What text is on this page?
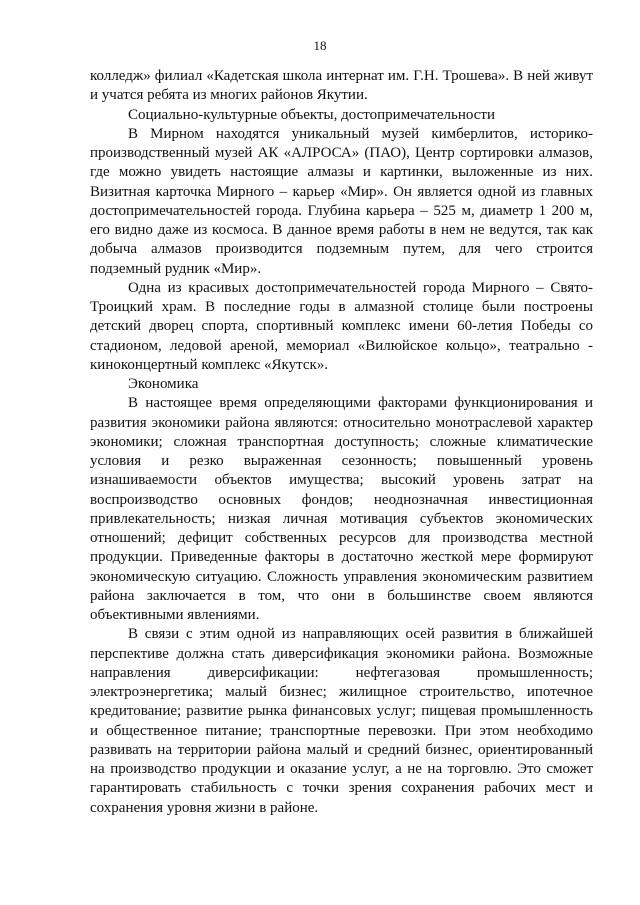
18

колледж» филиал «Кадетская школа интернат им. Г.Н. Трошева». В ней живут и учатся ребята из многих районов Якутии.

Социально-культурные объекты, достопримечательности

В Мирном находятся уникальный музей кимберлитов, историко-производственный музей АК «АЛРОСА» (ПАО), Центр сортировки алмазов, где можно увидеть настоящие алмазы и картинки, выложенные из них. Визитная карточка Мирного – карьер «Мир». Он является одной из главных достопримечательностей города. Глубина карьера – 525 м, диаметр 1 200 м, его видно даже из космоса. В данное время работы в нем не ведутся, так как добыча алмазов производится подземным путем, для чего строится подземный рудник «Мир».

Одна из красивых достопримечательностей города Мирного – Свято-Троицкий храм. В последние годы в алмазной столице были построены детский дворец спорта, спортивный комплекс имени 60-летия Победы со стадионом, ледовой ареной, мемориал «Вилюйское кольцо», театрально - киноконцертный комплекс «Якутск».

Экономика

В настоящее время определяющими факторами функционирования и развития экономики района являются: относительно монотраслевой характер экономики; сложная транспортная доступность; сложные климатические условия и резко выраженная сезонность; повышенный уровень изнашиваемости объектов имущества; высокий уровень затрат на воспроизводство основных фондов; неоднозначная инвестиционная привлекательность; низкая личная мотивация субъектов экономических отношений; дефицит собственных ресурсов для производства местной продукции. Приведенные факторы в достаточно жесткой мере формируют экономическую ситуацию. Сложность управления экономическим развитием района заключается в том, что они в большинстве своем являются объективными явлениями.

В связи с этим одной из направляющих осей развития в ближайшей перспективе должна стать диверсификация экономики района. Возможные направления диверсификации: нефтегазовая промышленность; электроэнергетика; малый бизнес; жилищное строительство, ипотечное кредитование; развитие рынка финансовых услуг; пищевая промышленность и общественное питание; транспортные перевозки. При этом необходимо развивать на территории района малый и средний бизнес, ориентированный на производство продукции и оказание услуг, а не на торговлю. Это сможет гарантировать стабильность с точки зрения сохранения рабочих мест и сохранения уровня жизни в районе.
